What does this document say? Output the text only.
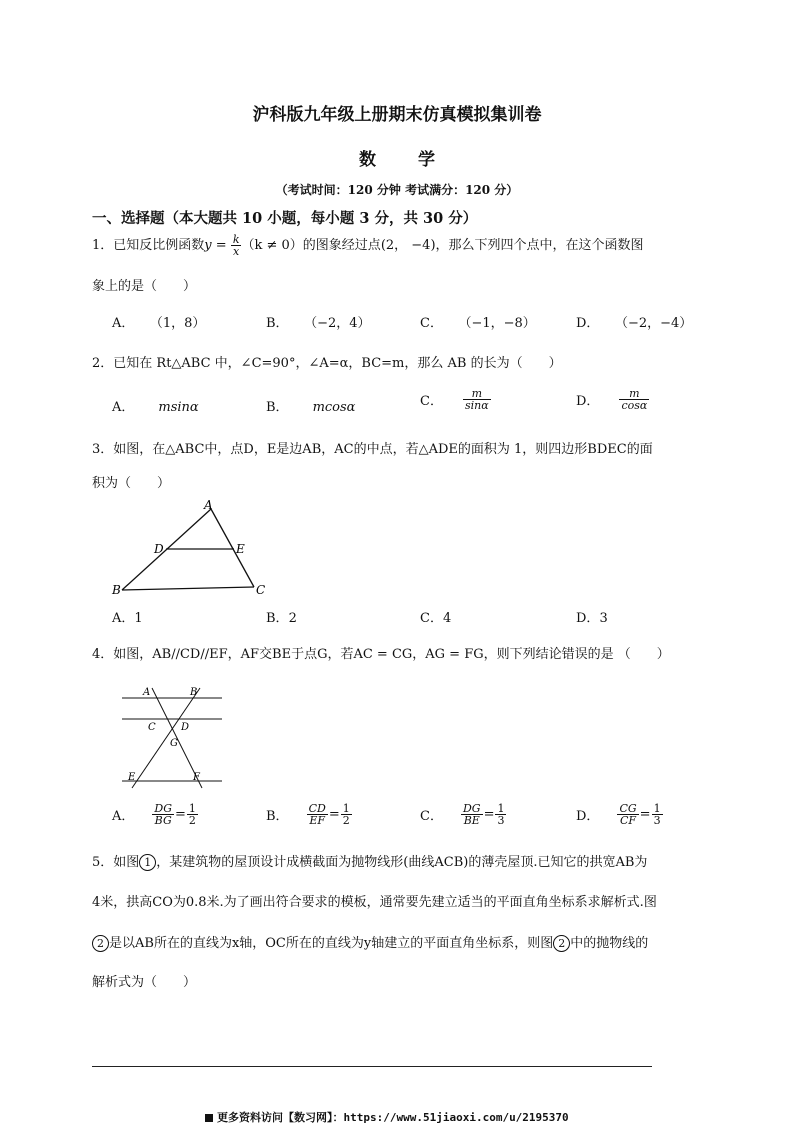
沪科版九年级上册期末仿真模拟集训卷
数 学
（考试时间：120 分钟 考试满分：120 分）
一、选择题（本大题共 10 小题，每小题 3 分，共 30 分）
1．已知反比例函数$y = \frac{k}{x} (k \ne 0)$的图象经过点(2， −4)，那么下列四个点中，在这个函数图
象上的是（　　）
A． （1，8）	B． （−2，4）	C． （−1，−8）	D． （−2，−4）
2．已知在 Rt△ABC 中，∠C=90°，∠A=α，BC=m，那么 AB 的长为（　　）
A． msinα	B． mcosα	C． $\frac{m}{\sin\alpha}$	D． $\frac{m}{\cos\alpha}$
3．如图，在△ABC中，点D，E是边AB，AC的中点，若△ADE的面积为 1，则四边形BDEC的面
积为（　　）
A
D	E
B	C
A．1	B．2	C．4	D．3
4．如图，AB//CD//EF，AF交BE于点G，若AC = CG，AG = FG，则下列结论错误的是 （　　）
A	B
C	D
G
E	F
A． $\frac{DG}{BG} = \frac{1}{2}$	B． $\frac{CD}{EF} = \frac{1}{2}$	C． $\frac{DG}{BE} = \frac{1}{3}$	D． $\frac{CG}{CF} = \frac{1}{3}$
5．如图 1 ，某建筑物的屋顶设计成横截面为抛物线形(曲线ACB)的薄壳屋顶.已知它的拱宽AB为
4米，拱高CO为0.8米.为了画出符合要求的模板，通常要先建立适当的平面直角坐标系求解析式.图
2 是以AB所在的直线为x轴，OC所在的直线为y轴建立的平面直角坐标系，则图 2 中的抛物线的
解析式为（　　）
更多资料访问【数习网】：https://www.51jiaoxi.com/u/2195370
